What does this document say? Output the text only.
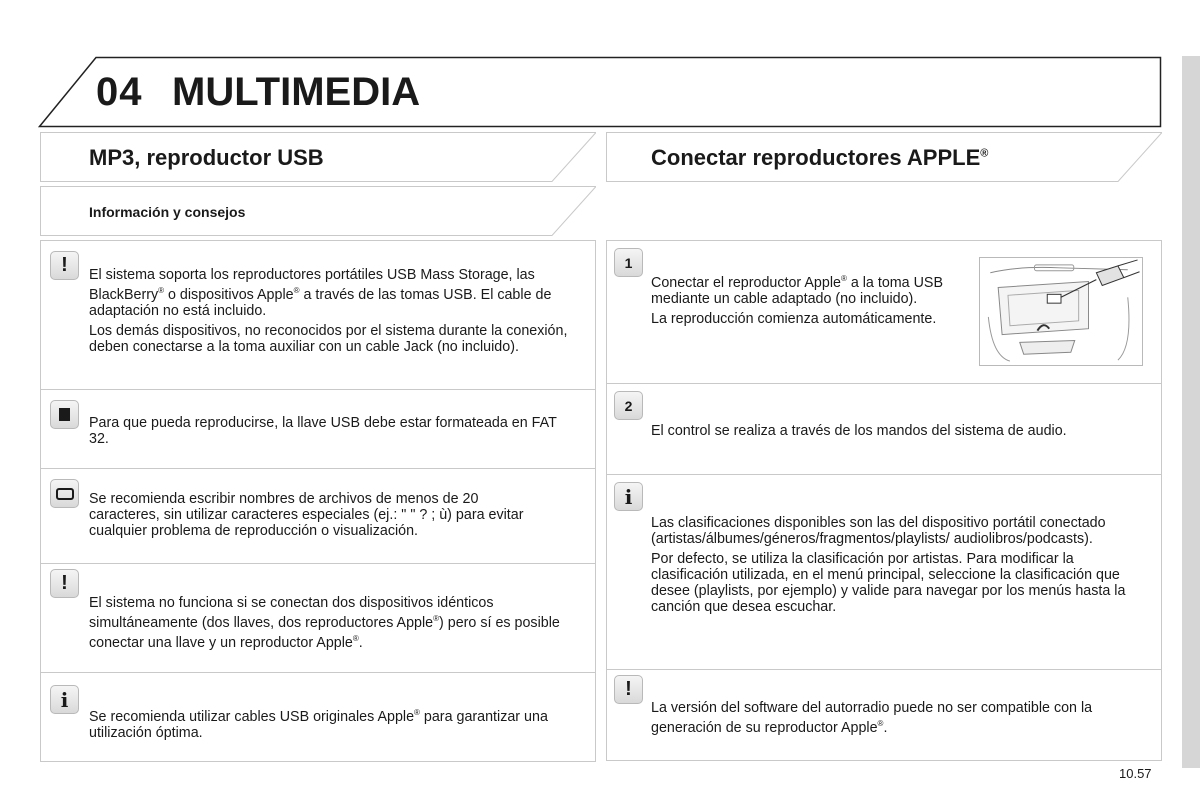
04 MULTIMEDIA
MP3, reproductor USB
Información y consejos
Conectar reproductores APPLE®
!	El sistema soporta los reproductores portátiles USB Mass Storage, las BlackBerry® o dispositivos Apple® a través de las tomas USB. El cable de adaptación no está incluido.

Los demás dispositivos, no reconocidos por el sistema durante la conexión, deben conectarse a la toma auxiliar con un cable Jack (no incluido).

Para que pueda reproducirse, la llave USB debe estar formateada en FAT 32.

Se recomienda escribir nombres de archivos de menos de 20 caracteres, sin utilizar caracteres especiales (ej.: " " ? ; ù) para evitar cualquier problema de reproducción o visualización.

!

El sistema no funciona si se conectan dos dispositivos idénticos simultáneamente (dos llaves, dos reproductores Apple®) pero sí es posible conectar una llave y un reproductor Apple®.

i

Se recomienda utilizar cables USB originales Apple® para garantizar una utilización óptima.

1

Conectar el reproductor Apple® a la toma USB mediante un cable adaptado (no incluido).

La reproducción comienza automáticamente.

2

El control se realiza a través de los mandos del sistema de audio.

i

Las clasificaciones disponibles son las del dispositivo portátil conectado (artistas/álbumes/géneros/fragmentos/playlists/ audiolibros/podcasts).

Por defecto, se utiliza la clasificación por artistas. Para modificar la clasificación utilizada, en el menú principal, seleccione la clasificación que desee (playlists, por ejemplo) y valide para navegar por los menús hasta la canción que desea escuchar.

!

La versión del software del autorradio puede no ser compatible con la generación de su reproductor Apple®.

10.57
